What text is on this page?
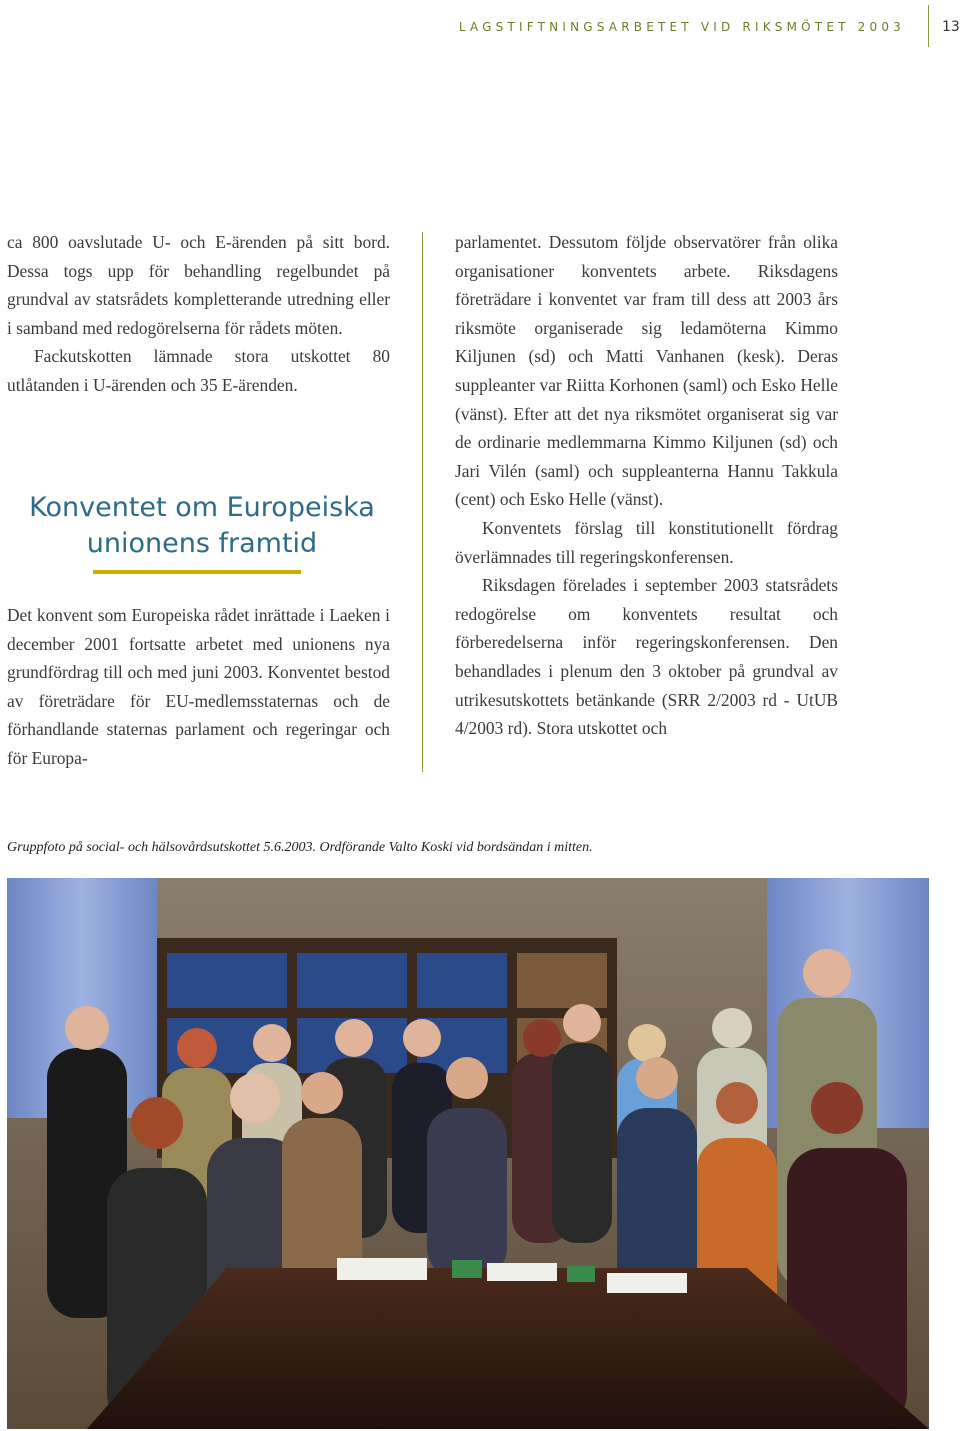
LAGSTIFTNINGSARBETET VID RIKSMÖTET 2003	13

ca 800 oavslutade U- och E-ärenden på sitt bord. Dessa togs upp för behandling regelbundet på grundval av statsrådets kompletterande utredning eller i samband med redogörelserna för rådets möten.

Fackutskotten lämnade stora utskottet 80 utlåtanden i U-ärenden och 35 E-ärenden.

Konventet om Europeiska
unionens framtid

Det konvent som Europeiska rådet inrättade i Laeken i december 2001 fortsatte arbetet med unionens nya grundfördrag till och med juni 2003. Konventet bestod av företrädare för EU-medlemsstaternas och de förhandlande staternas parlament och regeringar och för Europa-

parlamentet. Dessutom följde observatörer från olika organisationer konventets arbete. Riksdagens företrädare i konventet var fram till dess att 2003 års riksmöte organiserade sig ledamöterna Kimmo Kiljunen (sd) och Matti Vanhanen (kesk). Deras suppleanter var Riitta Korhonen (saml) och Esko Helle (vänst). Efter att det nya riksmötet organiserat sig var de ordinarie medlemmarna Kimmo Kiljunen (sd) och Jari Vilén (saml) och suppleanterna Hannu Takkula (cent) och Esko Helle (vänst).

Konventets förslag till konstitutionellt fördrag överlämnades till regeringskonferensen.

Riksdagen förelades i september 2003 statsrådets redogörelse om konventets resultat och förberedelserna inför regeringskonferensen. Den behandlades i plenum den 3 oktober på grundval av utrikesutskottets betänkande (SRR 2/2003 rd - UtUB 4/2003 rd). Stora utskottet och

Gruppfoto på social- och hälsovårdsutskottet 5.6.2003. Ordförande Valto Koski vid bordsändan i mitten.
